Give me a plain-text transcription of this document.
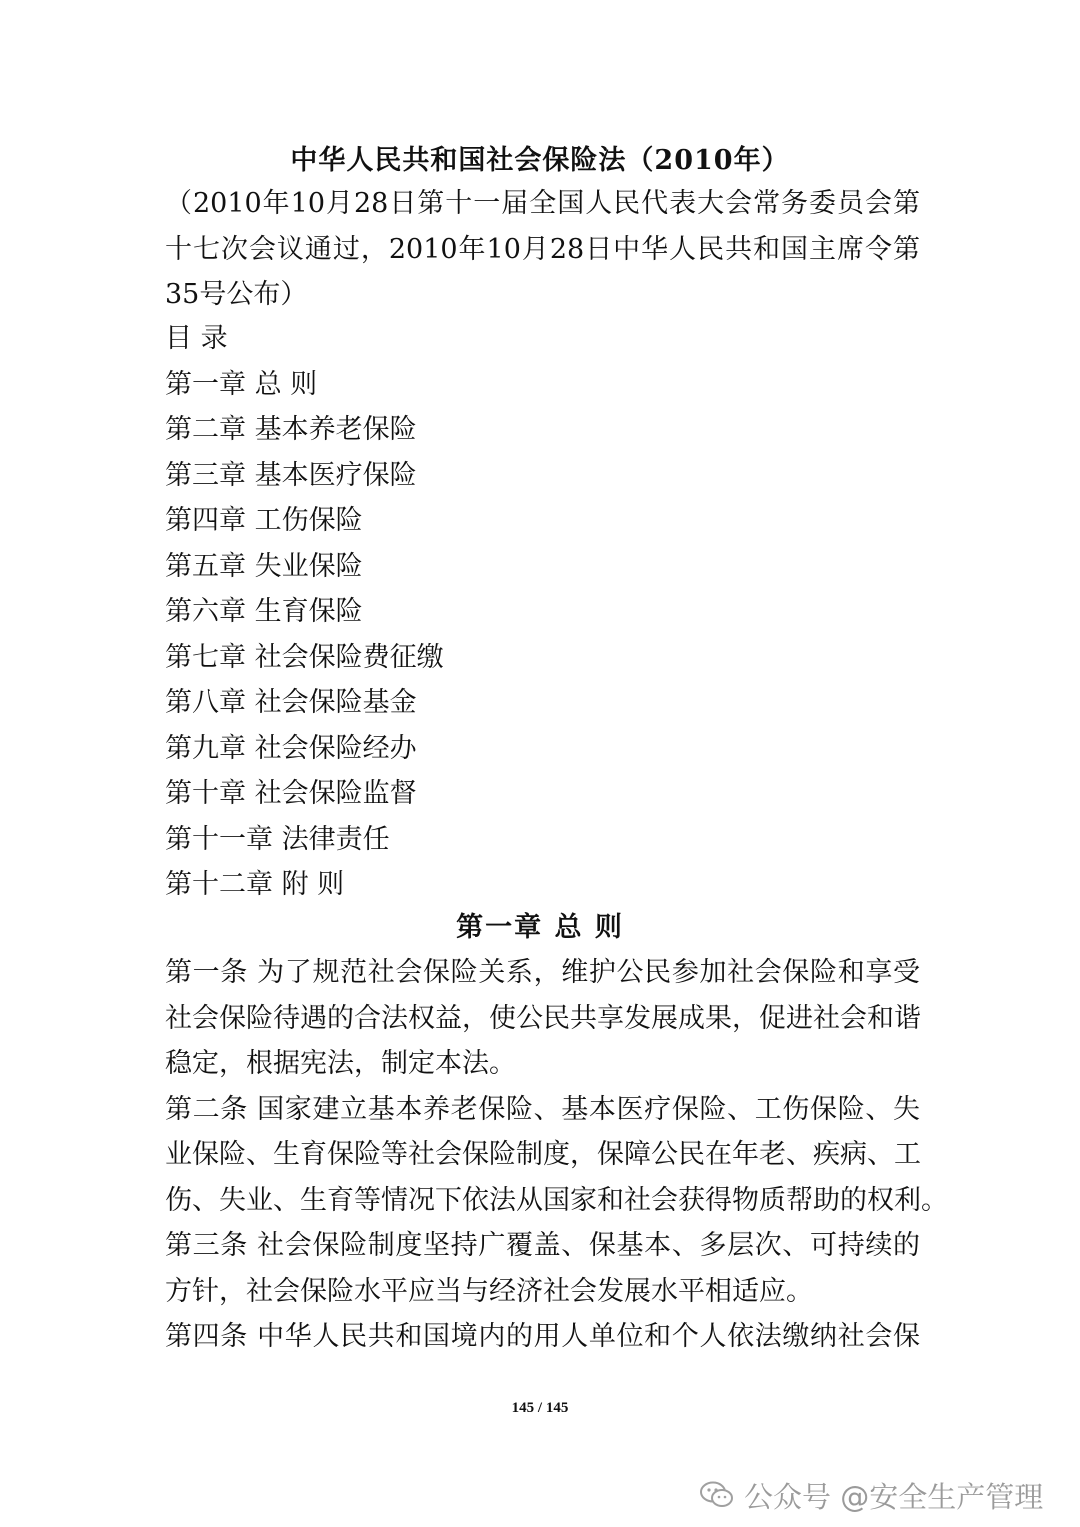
中华人民共和国社会保险法（2010年）
（2010年10月28日第十一届全国人民代表大会常务委员会第
十七次会议通过，2010年10月28日中华人民共和国主席令第
35号公布）
目 录
第一章 总 则
第二章 基本养老保险
第三章 基本医疗保险
第四章 工伤保险
第五章 失业保险
第六章 生育保险
第七章 社会保险费征缴
第八章 社会保险基金
第九章 社会保险经办
第十章 社会保险监督
第十一章 法律责任
第十二章 附 则
第一章 总 则
第一条 为了规范社会保险关系，维护公民参加社会保险和享受
社会保险待遇的合法权益，使公民共享发展成果，促进社会和谐
稳定，根据宪法，制定本法。
第二条 国家建立基本养老保险、基本医疗保险、工伤保险、失
业保险、生育保险等社会保险制度，保障公民在年老、疾病、工
伤、失业、生育等情况下依法从国家和社会获得物质帮助的权利。
第三条 社会保险制度坚持广覆盖、保基本、多层次、可持续的
方针，社会保险水平应当与经济社会发展水平相适应。
第四条 中华人民共和国境内的用人单位和个人依法缴纳社会保
145 / 145
公众号 @安全生产管理
